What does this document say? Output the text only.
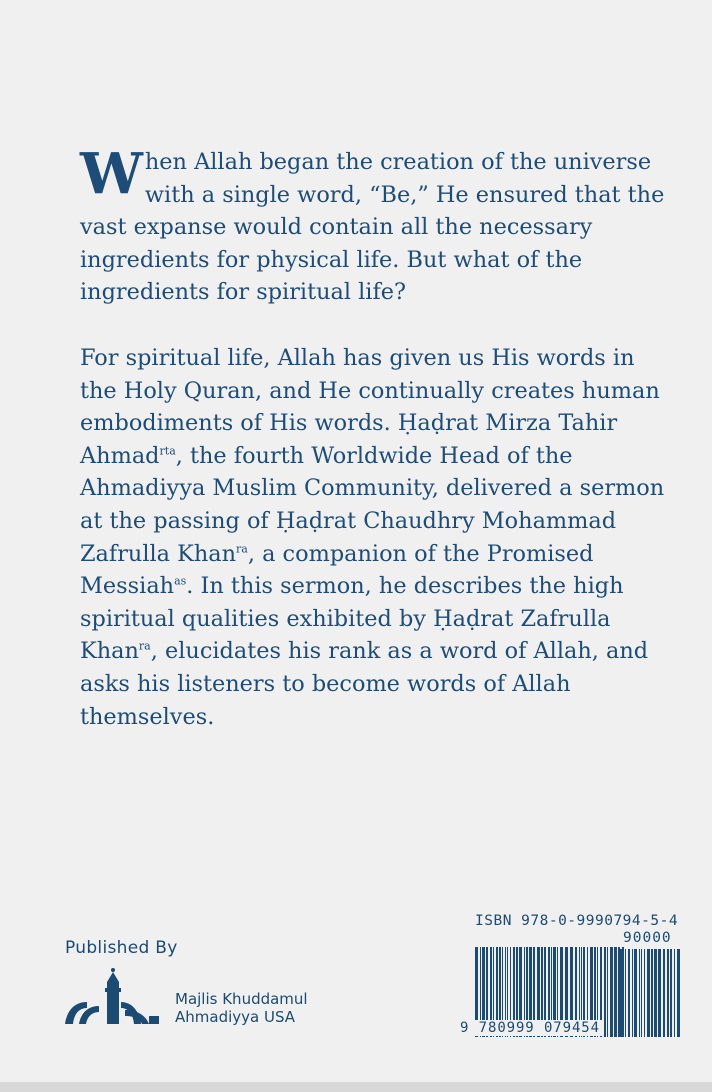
When Allah began the creation of the universe with a single word, “Be,” He ensured that the vast expanse would contain all the necessary ingredients for physical life. But what of the ingredients for spiritual life?

For spiritual life, Allah has given us His words in the Holy Quran, and He continually creates human embodiments of His words. Ḥaḍrat Mirza Tahir Ahmad$^{rta}$, the fourth Worldwide Head of the Ahmadiyya Muslim Community, delivered a sermon at the passing of Ḥaḍrat Chaudhry Mohammad Zafrulla Khan$^{ra}$, a companion of the Promised Messiah$^{as}$. In this sermon, he describes the high spiritual qualities exhibited by Ḥaḍrat Zafrulla Khan$^{ra}$, elucidates his rank as a word of Allah, and asks his listeners to become words of Allah themselves.

Published By
Majlis Khuddamul
Ahmadiyya USA
ISBN 978-0-9990794-5-4
90000
9 780999 079454
